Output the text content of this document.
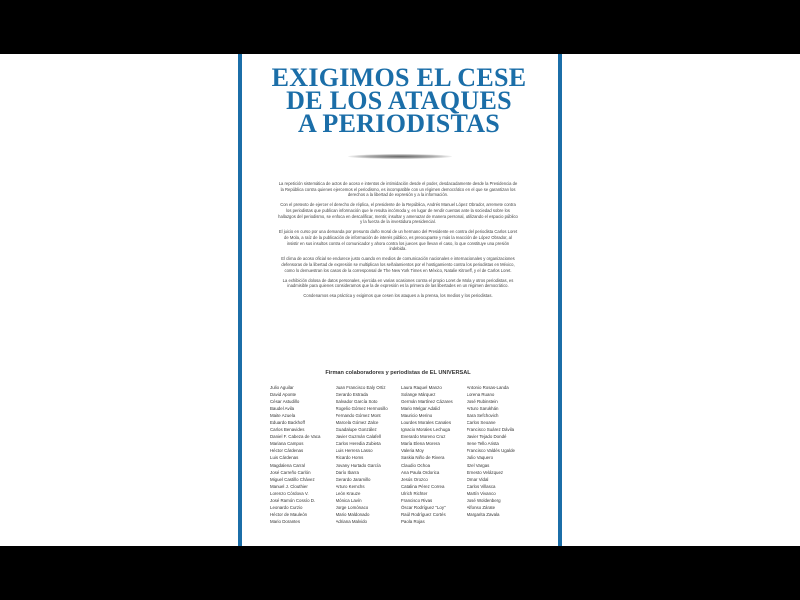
EXIGIMOS EL CESE
DE LOS ATAQUES
A PERIODISTAS

La repetición sistemática de actos de acoso e intentos de intimidación desde el poder, desdacadamente desde la Presidencia de la República contra quienes ejercemos el periodismo, es incompatible con un régimen democrático en el que se garantizan los derechos a la libertad de expresión y a la información.

Con el pretexto de ejercer el derecho de réplica, el presidente de la República, Andrés Manuel López Obrador, arremete contra los periodistas que publican información que le resulta incómoda y, en lugar de rendir cuentas ante la sociedad sobre los hallazgos del periodismo, se enfoca en descalificar, mentir, insultar y amenazar de manera personal, utilizando el espacio público y la fuerza de la investidura presidencial.

El juicio en curso por una demanda por presunto daño moral de un hermano del Presidente en contra del periodista Carlos Loret de Mola, a raíz de la publicación de información de interés público, es preocupante y más la reacción de López Obrador, al insistir en sus insultos contra el comunicador y ahora contra los jueces que llevan el caso, lo que constituye una presión indebida.

El clima de acoso oficial se endurece justo cuando en medios de comunicación nacionales e internacionales y organizaciones defensoras de la libertad de expresión se multiplican los señalamientos por el hostigamiento contra los periodistas en México, como lo demuestran los casos de la corresponsal de The New York Times en México, Natalie Kitroeff, y el de Carlos Loret.

La exhibición dolosa de datos personales, ejercida en varias ocasiones contra el propio Loret de Mola y otros periodistas, es inadmisible para quienes consideramos que la de expresión es la primera de las libertades en un régimen democrático.

Condenamos esa práctica y exigimos que cesen los ataques a la prensa, los medios y los periodistas.

Firman colaboradores y periodistas de EL UNIVERSAL
Julio Aguilar
David Aponte
César Astudillo
Baudel Avila
Maite Azuela
Eduardo Backhoff
Carlos Benavides
Daniel F. Cabeza de Vaca
Mariana Campos
Héctor Cárdenas
Luis Cárdenas
Magdalena Carral
José Carreño Carlón
Miguel Castillo Chávez
Manuel J. Clouthier
Lorenzo Córdova V.
José Ramón Cossío D.
Leonardo Curzio
Héctor de Mauleón
Mario Dorantes
Juan Francisco Ealy Ortiz
Gerardo Estrada
Salvador García Soto
Rogelio Gómez Hermosillo
Fernando Gómez Mont
Marcela Gómez Zalce
Guadalupe González
Javier Guzmán Calafell
Carlos Heredia Zubieta
Luis Herrera Lasso
Ricardo Homs
Jovany Hurtado García
Darío Ibarra
Gerardo Jaramillo
Arturo Kemchs
León Krauze
Mónica Lavín
Jorge Lomónaco
Mario Maldonado
Adriana Malvido
Laura Raquel Manzo
Solange Márquez
Germán Martínez Cázares
Mario Melgar Adalid
Mauricio Merino
Lourdes Morales Canales
Ignacio Morales Lechuga
Everardo Moreno Cruz
María Elena Morera
Valeria Moy
Saskia Niño de Rivera
Claudio Ochoa
Ana Paula Ordorica
Jesús Orozco
Catalina Pérez Correa
Ulrich Richter
Francisco Rivas
Óscar Rodríguez "Loy"
Raúl Rodríguez Cortés
Paola Rojas
Antonio Rosas-Landa
Lorena Ruano
José Rubinstein
Arturo Sarukhán
Sara Sefchovich
Carlos Seoane
Francisco Suárez Dávila
Javier Tejado Dondé
Irene Tello Arista
Francisco Valdés Ugalde
Julio Vaquero
Itzel Vargas
Ernesto Velázquez
Omar Vidal
Carlos Villasca
Martín Vivanco
José Woldenberg
Alfonso Zárate
Margarita Zavala
